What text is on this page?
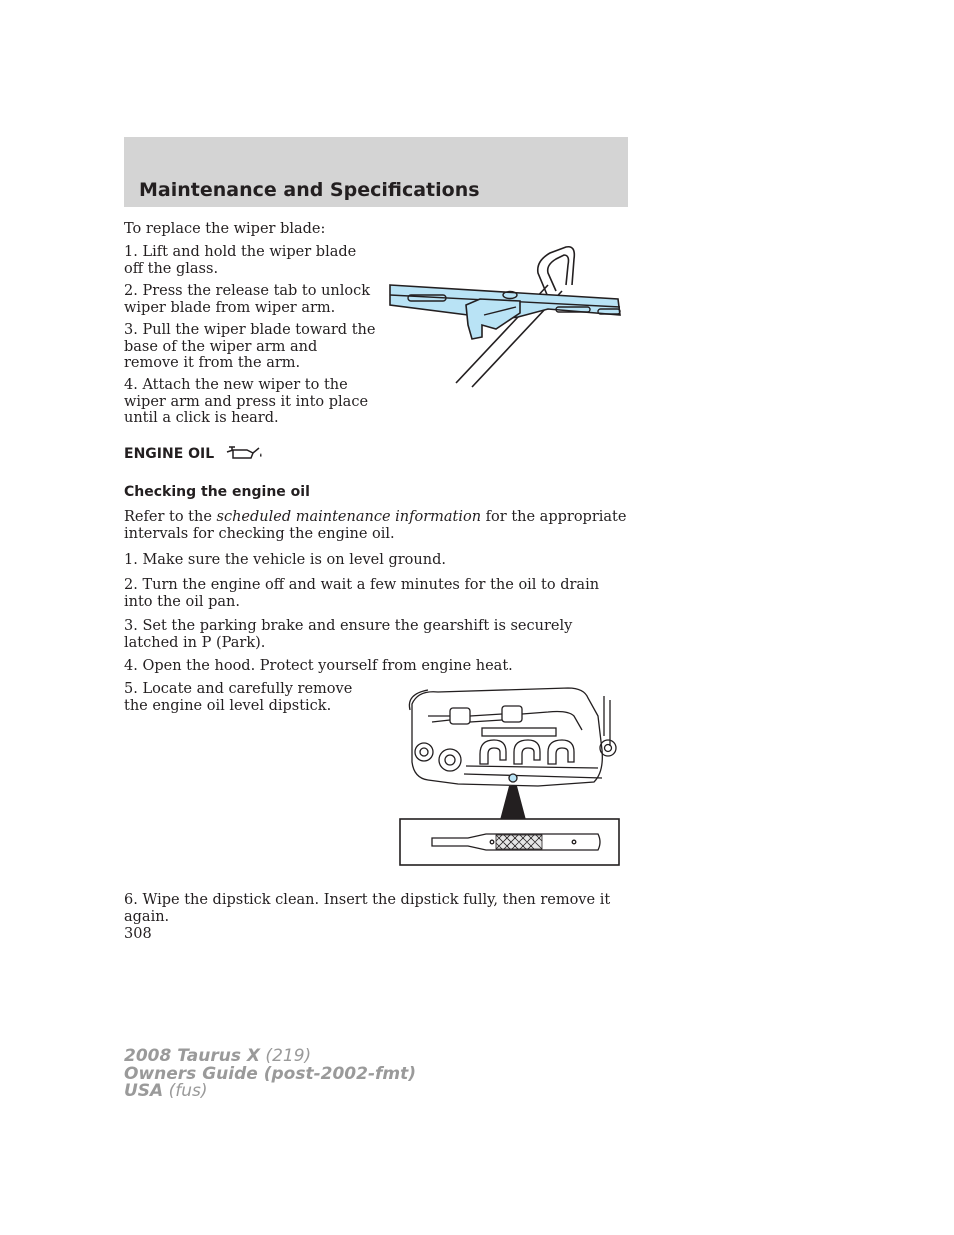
Maintenance and Specifications

To replace the wiper blade:

1. Lift and hold the wiper blade off the glass.

2. Press the release tab to unlock wiper blade from wiper arm.

3. Pull the wiper blade toward the base of the wiper arm and remove it from the arm.

4. Attach the new wiper to the wiper arm and press it into place until a click is heard.

ENGINE OIL
Checking the engine oil

Refer to the scheduled maintenance information for the appropriate intervals for checking the engine oil.

1. Make sure the vehicle is on level ground.

2. Turn the engine off and wait a few minutes for the oil to drain into the oil pan.

3. Set the parking brake and ensure the gearshift is securely latched in P (Park).

4. Open the hood. Protect yourself from engine heat.

5. Locate and carefully remove the engine oil level dipstick.

6. Wipe the dipstick clean. Insert the dipstick fully, then remove it again.

308

2008 Taurus X (219)
Owners Guide (post-2002-fmt)
USA (fus)
